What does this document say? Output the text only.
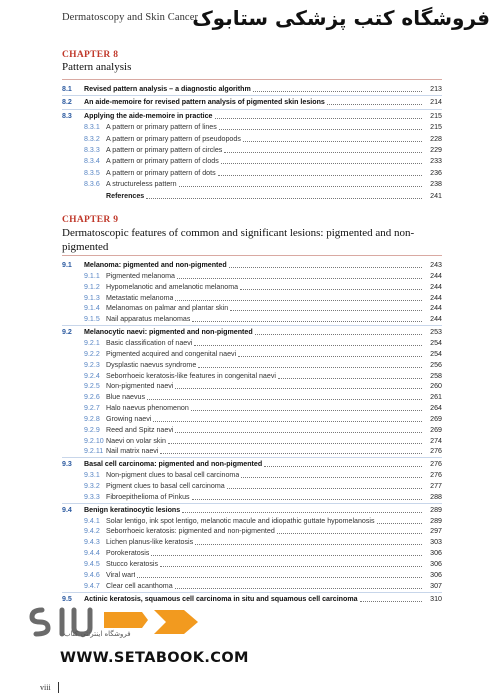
Dermatoscopy and Skin Cancer
فروشگاه کتب پزشکی ستابوک
CHAPTER 8
Pattern analysis
8.1	Revised pattern analysis – a diagnostic algorithm	213
8.2	An aide-memoire for revised pattern analysis of pigmented skin lesions	214
8.3	Applying the aide-memoire in practice	215
8.3.1 A pattern or primary pattern of lines	215
8.3.2 A pattern or primary pattern of pseudopods	228
8.3.3 A pattern or primary pattern of circles	229
8.3.4 A pattern or primary pattern of clods	233
8.3.5 A pattern or primary pattern of dots	236
8.3.6 A structureless pattern	238
References	241
CHAPTER 9
Dermatoscopic features of common and significant lesions: pigmented and non-pigmented
9.1	Melanoma: pigmented and non-pigmented	243
9.1.1 Pigmented melanoma	244
9.1.2 Hypomelanotic and amelanotic melanoma	244
9.1.3 Metastatic melanoma	244
9.1.4 Melanomas on palmar and plantar skin	244
9.1.5 Nail apparatus melanomas	244
9.2	Melanocytic naevi: pigmented and non-pigmented	253
9.2.1 Basic classification of naevi	254
9.2.2 Pigmented acquired and congenital naevi	254
9.2.3 Dysplastic naevus syndrome	256
9.2.4 Seborrhoeic keratosis-like features in congenital naevi	258
9.2.5 Non-pigmented naevi	260
9.2.6 Blue naevus	261
9.2.7 Halo naevus phenomenon	264
9.2.8 Growing naevi	269
9.2.9 Reed and Spitz naevi	269
9.2.10 Naevi on volar skin	274
9.2.11 Nail matrix naevi	276
9.3	Basal cell carcinoma: pigmented and non-pigmented	276
9.3.1 Non-pigment clues to basal cell carcinoma	276
9.3.2 Pigment clues to basal cell carcinoma	277
9.3.3 Fibroepithelioma of Pinkus	288
9.4	Benign keratinocytic lesions	289
9.4.1 Solar lentigo, ink spot lentigo, melanotic macule and idiopathic guttate hypomelanosis	289
9.4.2 Seborrhoeic keratosis: pigmented and non-pigmented	297
9.4.3 Lichen planus-like keratosis	303
9.4.4 Porokeratosis	306
9.4.5 Stucco keratosis	306
9.4.6 Viral wart	306
9.4.7 Clear cell acanthoma	307
9.5	Actinic keratosis, squamous cell carcinoma in situ and squamous cell carcinoma	310
فروشگاه اینترنتی کتاب
WWW.SETABOOK.COM
viii
